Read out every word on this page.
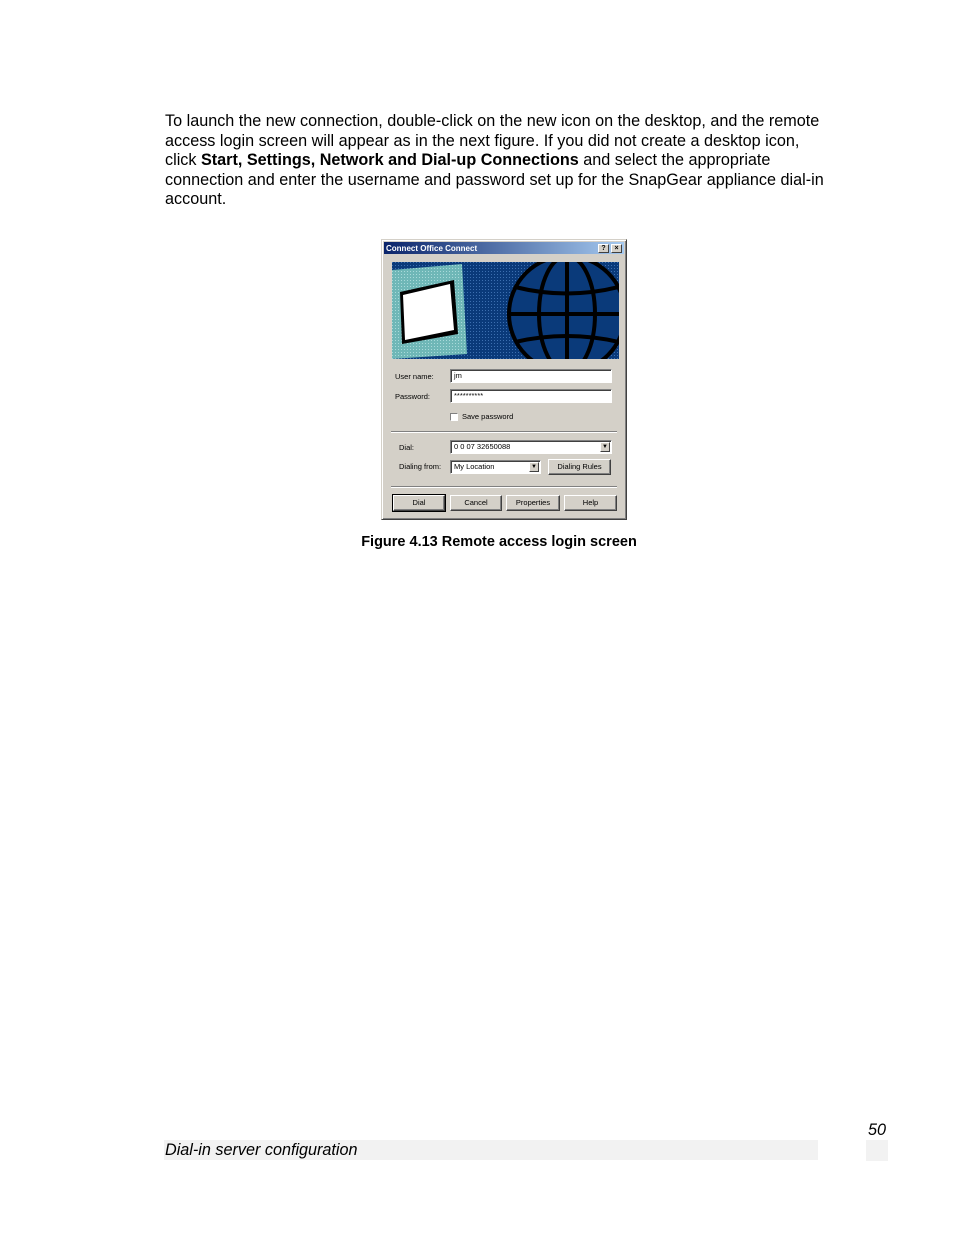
To launch the new connection, double-click on the new icon on the desktop, and the remote access login screen will appear as in the next figure. If you did not create a desktop icon, click Start, Settings, Network and Dial-up Connections and select the appropriate connection and enter the username and password set up for the SnapGear appliance dial-in account.

Connect Office Connect	?	×
User name:	jm
Password:	**********
Save password
Dial:	0 0 07 32650088	▼
Dialing from:	My Location	▼	Dialing Rules
Dial	Cancel	Properties	Help
Figure 4.13 Remote access login screen
Dial-in server configuration
50
